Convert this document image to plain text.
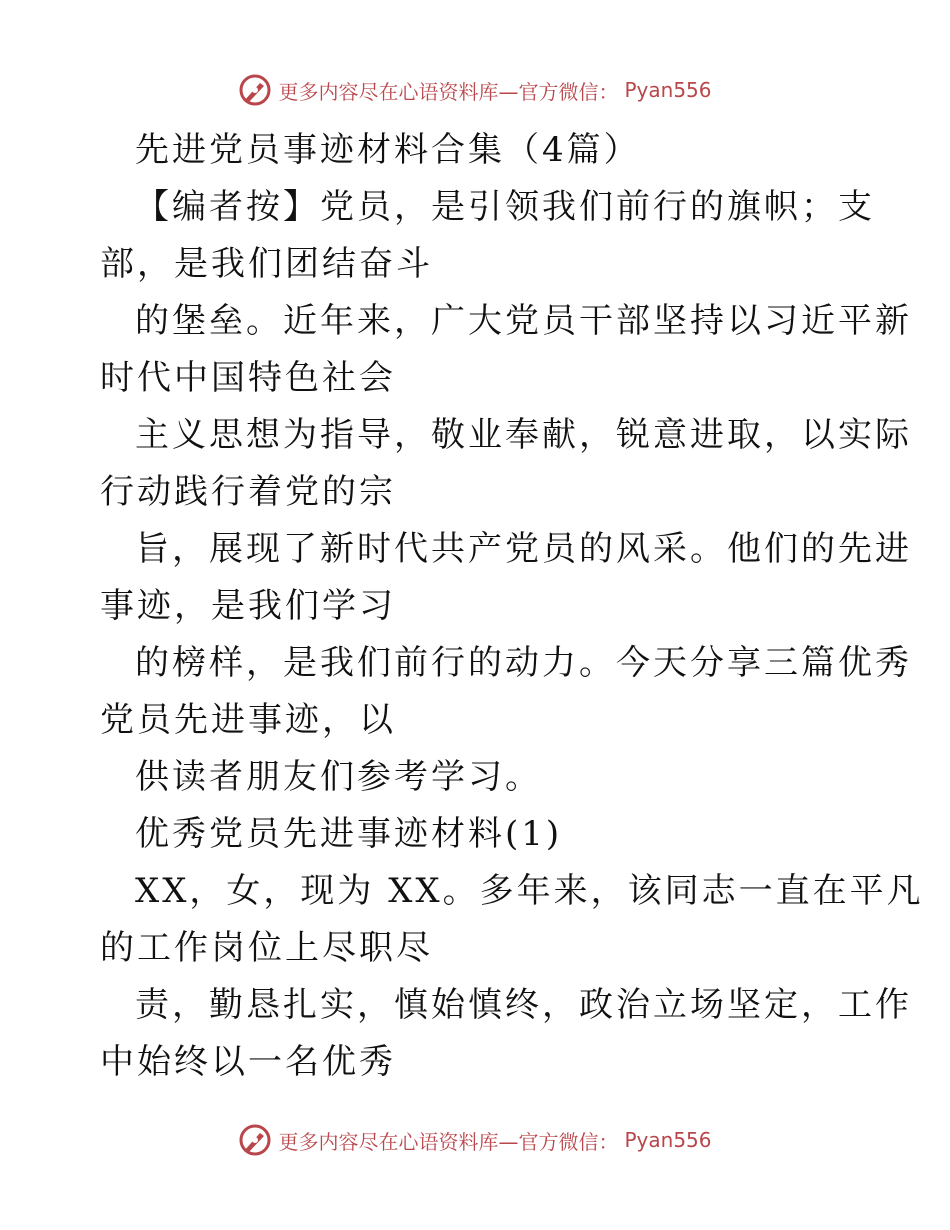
更多内容尽在心语资料库—官方微信： Pyan556
先进党员事迹材料合集（4篇）
【编者按】党员，是引领我们前行的旗帜；支
部，是我们团结奋斗
的堡垒。近年来，广大党员干部坚持以习近平新
时代中国特色社会
主义思想为指导，敬业奉献，锐意进取，以实际
行动践行着党的宗
旨，展现了新时代共产党员的风采。他们的先进
事迹，是我们学习
的榜样，是我们前行的动力。今天分享三篇优秀
党员先进事迹，以
供读者朋友们参考学习。
优秀党员先进事迹材料(1)
XX，女，现为 XX。多年来，该同志一直在平凡
的工作岗位上尽职尽
责，勤恳扎实，慎始慎终，政治立场坚定，工作
中始终以一名优秀
更多内容尽在心语资料库—官方微信： Pyan556
